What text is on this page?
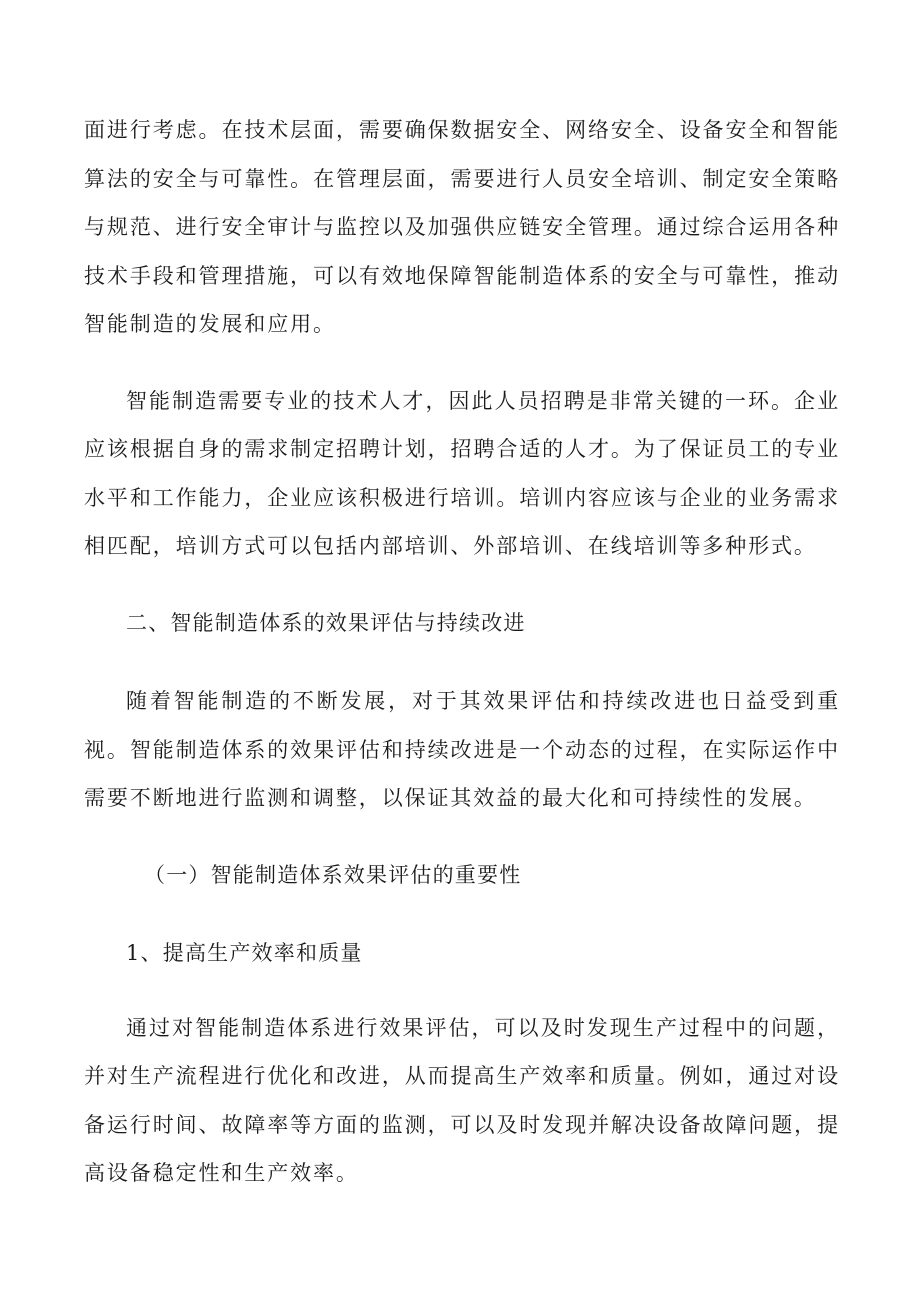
面进行考虑。在技术层面，需要确保数据安全、网络安全、设备安全和智能算法的安全与可靠性。在管理层面，需要进行人员安全培训、制定安全策略与规范、进行安全审计与监控以及加强供应链安全管理。通过综合运用各种技术手段和管理措施，可以有效地保障智能制造体系的安全与可靠性，推动智能制造的发展和应用。

智能制造需要专业的技术人才，因此人员招聘是非常关键的一环。企业应该根据自身的需求制定招聘计划，招聘合适的人才。为了保证员工的专业水平和工作能力，企业应该积极进行培训。培训内容应该与企业的业务需求相匹配，培训方式可以包括内部培训、外部培训、在线培训等多种形式。

二、智能制造体系的效果评估与持续改进

随着智能制造的不断发展，对于其效果评估和持续改进也日益受到重视。智能制造体系的效果评估和持续改进是一个动态的过程，在实际运作中需要不断地进行监测和调整，以保证其效益的最大化和可持续性的发展。

（一）智能制造体系效果评估的重要性

1、提高生产效率和质量

通过对智能制造体系进行效果评估，可以及时发现生产过程中的问题，并对生产流程进行优化和改进，从而提高生产效率和质量。例如，通过对设备运行时间、故障率等方面的监测，可以及时发现并解决设备故障问题，提高设备稳定性和生产效率。
